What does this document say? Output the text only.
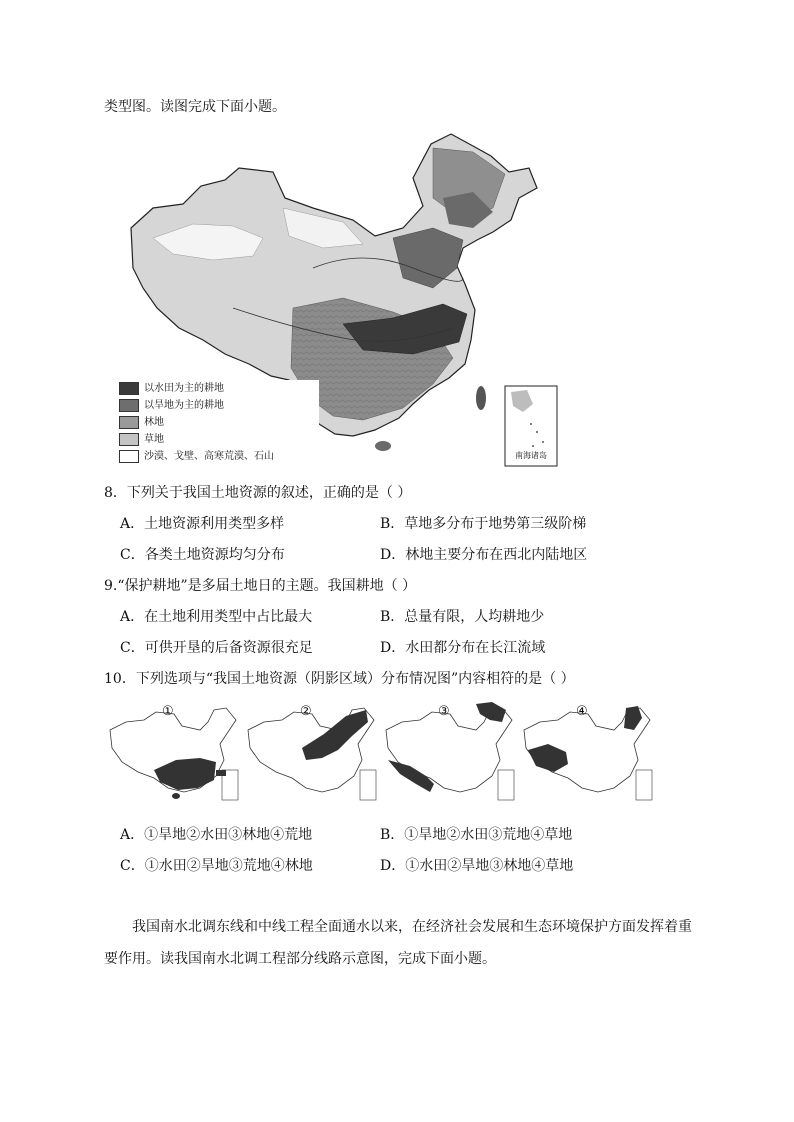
类型图。读图完成下面小题。
南海诸岛
以水田为主的耕地
以旱地为主的耕地
林地
草地
沙漠、戈壁、高寒荒漠、石山
8．下列关于我国土地资源的叙述，正确的是（ ）
A．土地资源利用类型多样	B．草地多分布于地势第三级阶梯
C．各类土地资源均匀分布	D．林地主要分布在西北内陆地区
9.“保护耕地”是多届土地日的主题。我国耕地（ ）
A．在土地利用类型中占比最大	B．总量有限，人均耕地少
C．可供开垦的后备资源很充足	D．水田都分布在长江流域
10．下列选项与“我国土地资源（阴影区域）分布情况图”内容相符的是（ ）
①	②	③	④
A．①旱地②水田③林地④荒地	B．①旱地②水田③荒地④草地
C．①水田②旱地③荒地④林地	D．①水田②旱地③林地④草地
我国南水北调东线和中线工程全面通水以来，在经济社会发展和生态环境保护方面发挥着重
要作用。读我国南水北调工程部分线路示意图，完成下面小题。
